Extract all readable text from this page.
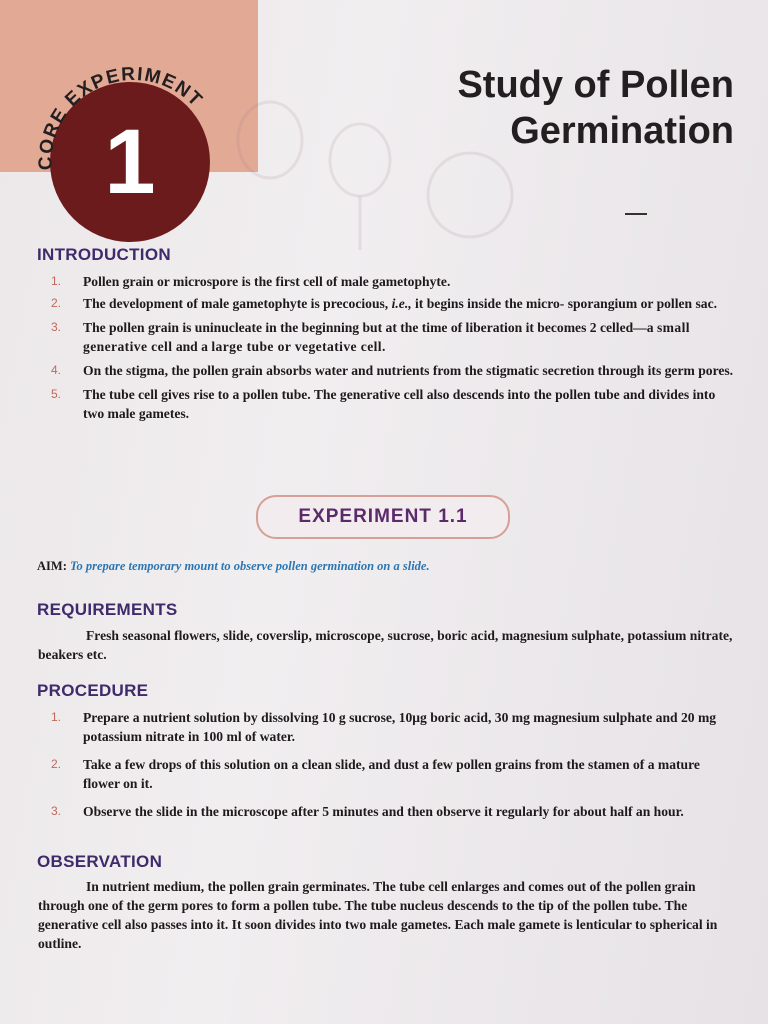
1
CORE EXPERIMENT	Study of Pollen
Germination
INTRODUCTION
1. Pollen grain or microspore is the first cell of male gametophyte.
2. The development of male gametophyte is precocious, i.e., it begins inside the micro- sporangium or pollen sac.
3. The pollen grain is uninucleate in the beginning but at the time of liberation it becomes 2 celled—a small generative cell and a large tube or vegetative cell.
4. On the stigma, the pollen grain absorbs water and nutrients from the stigmatic secretion through its germ pores.
5. The tube cell gives rise to a pollen tube. The generative cell also descends into the pollen tube and divides into two male gametes.
EXPERIMENT 1.1
AIM: To prepare temporary mount to observe pollen germination on a slide.
REQUIREMENTS
Fresh seasonal flowers, slide, coverslip, microscope, sucrose, boric acid, magnesium sulphate, potassium nitrate, beakers etc.
PROCEDURE
1. Prepare a nutrient solution by dissolving 10 g sucrose, 10μg boric acid, 30 mg magnesium sulphate and 20 mg potassium nitrate in 100 ml of water.
2. Take a few drops of this solution on a clean slide, and dust a few pollen grains from the stamen of a mature flower on it.
3. Observe the slide in the microscope after 5 minutes and then observe it regularly for about half an hour.
OBSERVATION
In nutrient medium, the pollen grain germinates. The tube cell enlarges and comes out of the pollen grain through one of the germ pores to form a pollen tube. The tube nucleus descends to the tip of the pollen tube. The generative cell also passes into it. It soon divides into two male gametes. Each male gamete is lenticular to spherical in outline.
